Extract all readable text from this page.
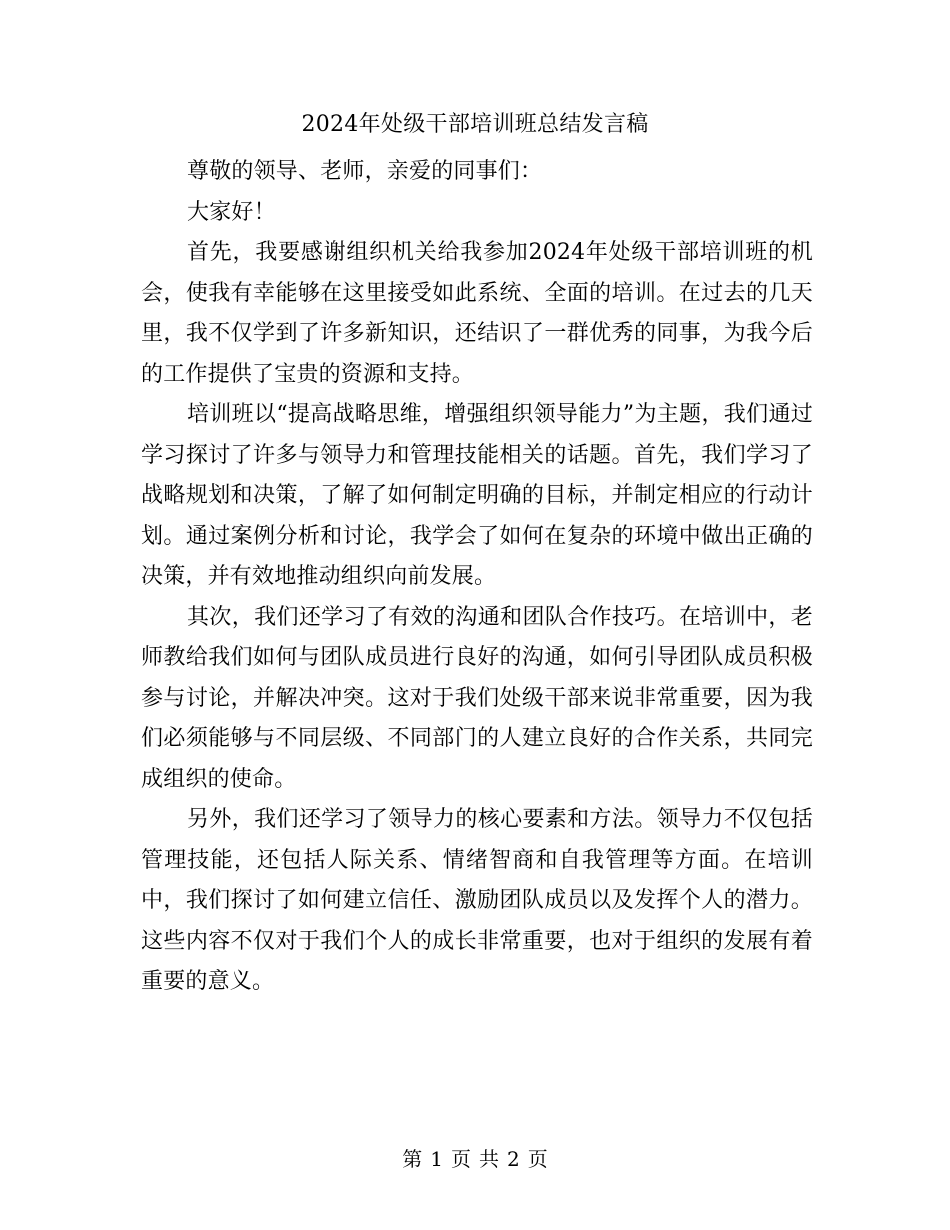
2024年处级干部培训班总结发言稿

尊敬的领导、老师，亲爱的同事们：

大家好！

首先，我要感谢组织机关给我参加2024年处级干部培训班的机会，使我有幸能够在这里接受如此系统、全面的培训。在过去的几天里，我不仅学到了许多新知识，还结识了一群优秀的同事，为我今后的工作提供了宝贵的资源和支持。

培训班以“提高战略思维，增强组织领导能力”为主题，我们通过学习探讨了许多与领导力和管理技能相关的话题。首先，我们学习了战略规划和决策，了解了如何制定明确的目标，并制定相应的行动计划。通过案例分析和讨论，我学会了如何在复杂的环境中做出正确的决策，并有效地推动组织向前发展。

其次，我们还学习了有效的沟通和团队合作技巧。在培训中，老师教给我们如何与团队成员进行良好的沟通，如何引导团队成员积极参与讨论，并解决冲突。这对于我们处级干部来说非常重要，因为我们必须能够与不同层级、不同部门的人建立良好的合作关系，共同完成组织的使命。

另外，我们还学习了领导力的核心要素和方法。领导力不仅包括管理技能，还包括人际关系、情绪智商和自我管理等方面。在培训中，我们探讨了如何建立信任、激励团队成员以及发挥个人的潜力。这些内容不仅对于我们个人的成长非常重要，也对于组织的发展有着重要的意义。

第 1 页 共 2 页
